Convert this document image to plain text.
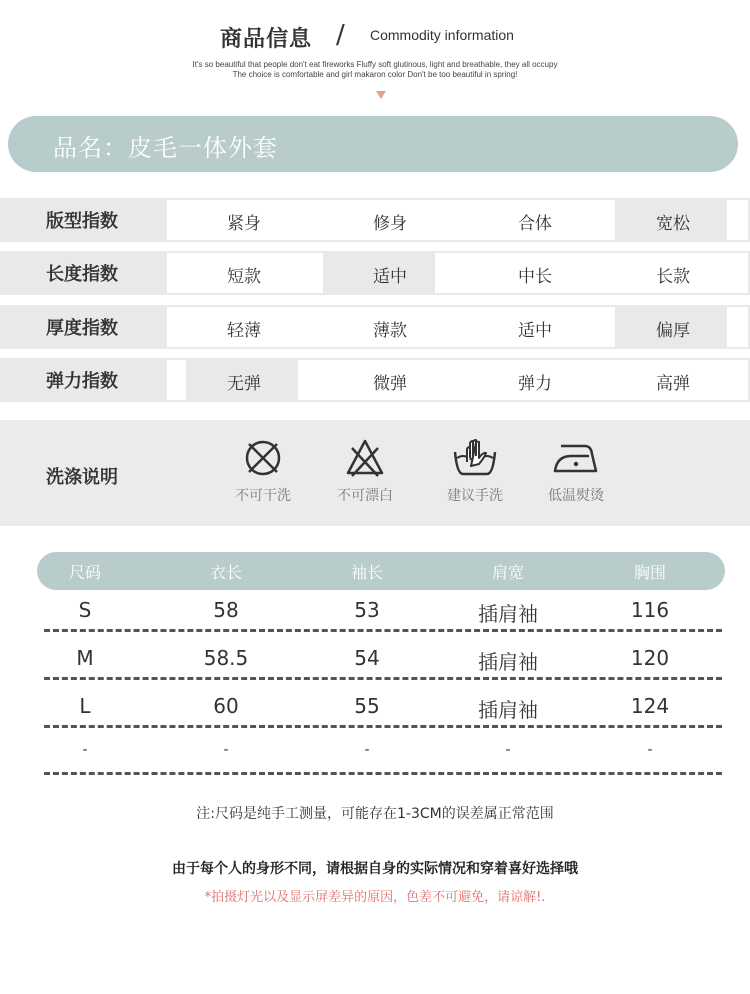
商品信息 / Commodity information
It's so beautiful that people don't eat fireworks Fluffy soft glutinous, light and breathable, they all occupy
The choice is comfortable and girl makaron color Don't be too beautiful in spring!
品名：皮毛一体外套
版型指数	紧身	修身	合体	宽松
长度指数	短款	适中	中长	长款
厚度指数	轻薄	薄款	适中	偏厚
弹力指数	无弹	微弹	弹力	高弹
洗涤说明
不可干洗	不可漂白	建议手洗	低温熨烫
尺码	衣长	袖长	肩宽	胸围
S	58	53	插肩袖	116
M	58.5	54	插肩袖	120
L	60	55	插肩袖	124
-	-	-	-	-
注:尺码是纯手工测量，可能存在1-3CM的误差属正常范围
由于每个人的身形不同，请根据自身的实际情况和穿着喜好选择哦
*拍摄灯光以及显示屏差异的原因，色差不可避免，请谅解!.
